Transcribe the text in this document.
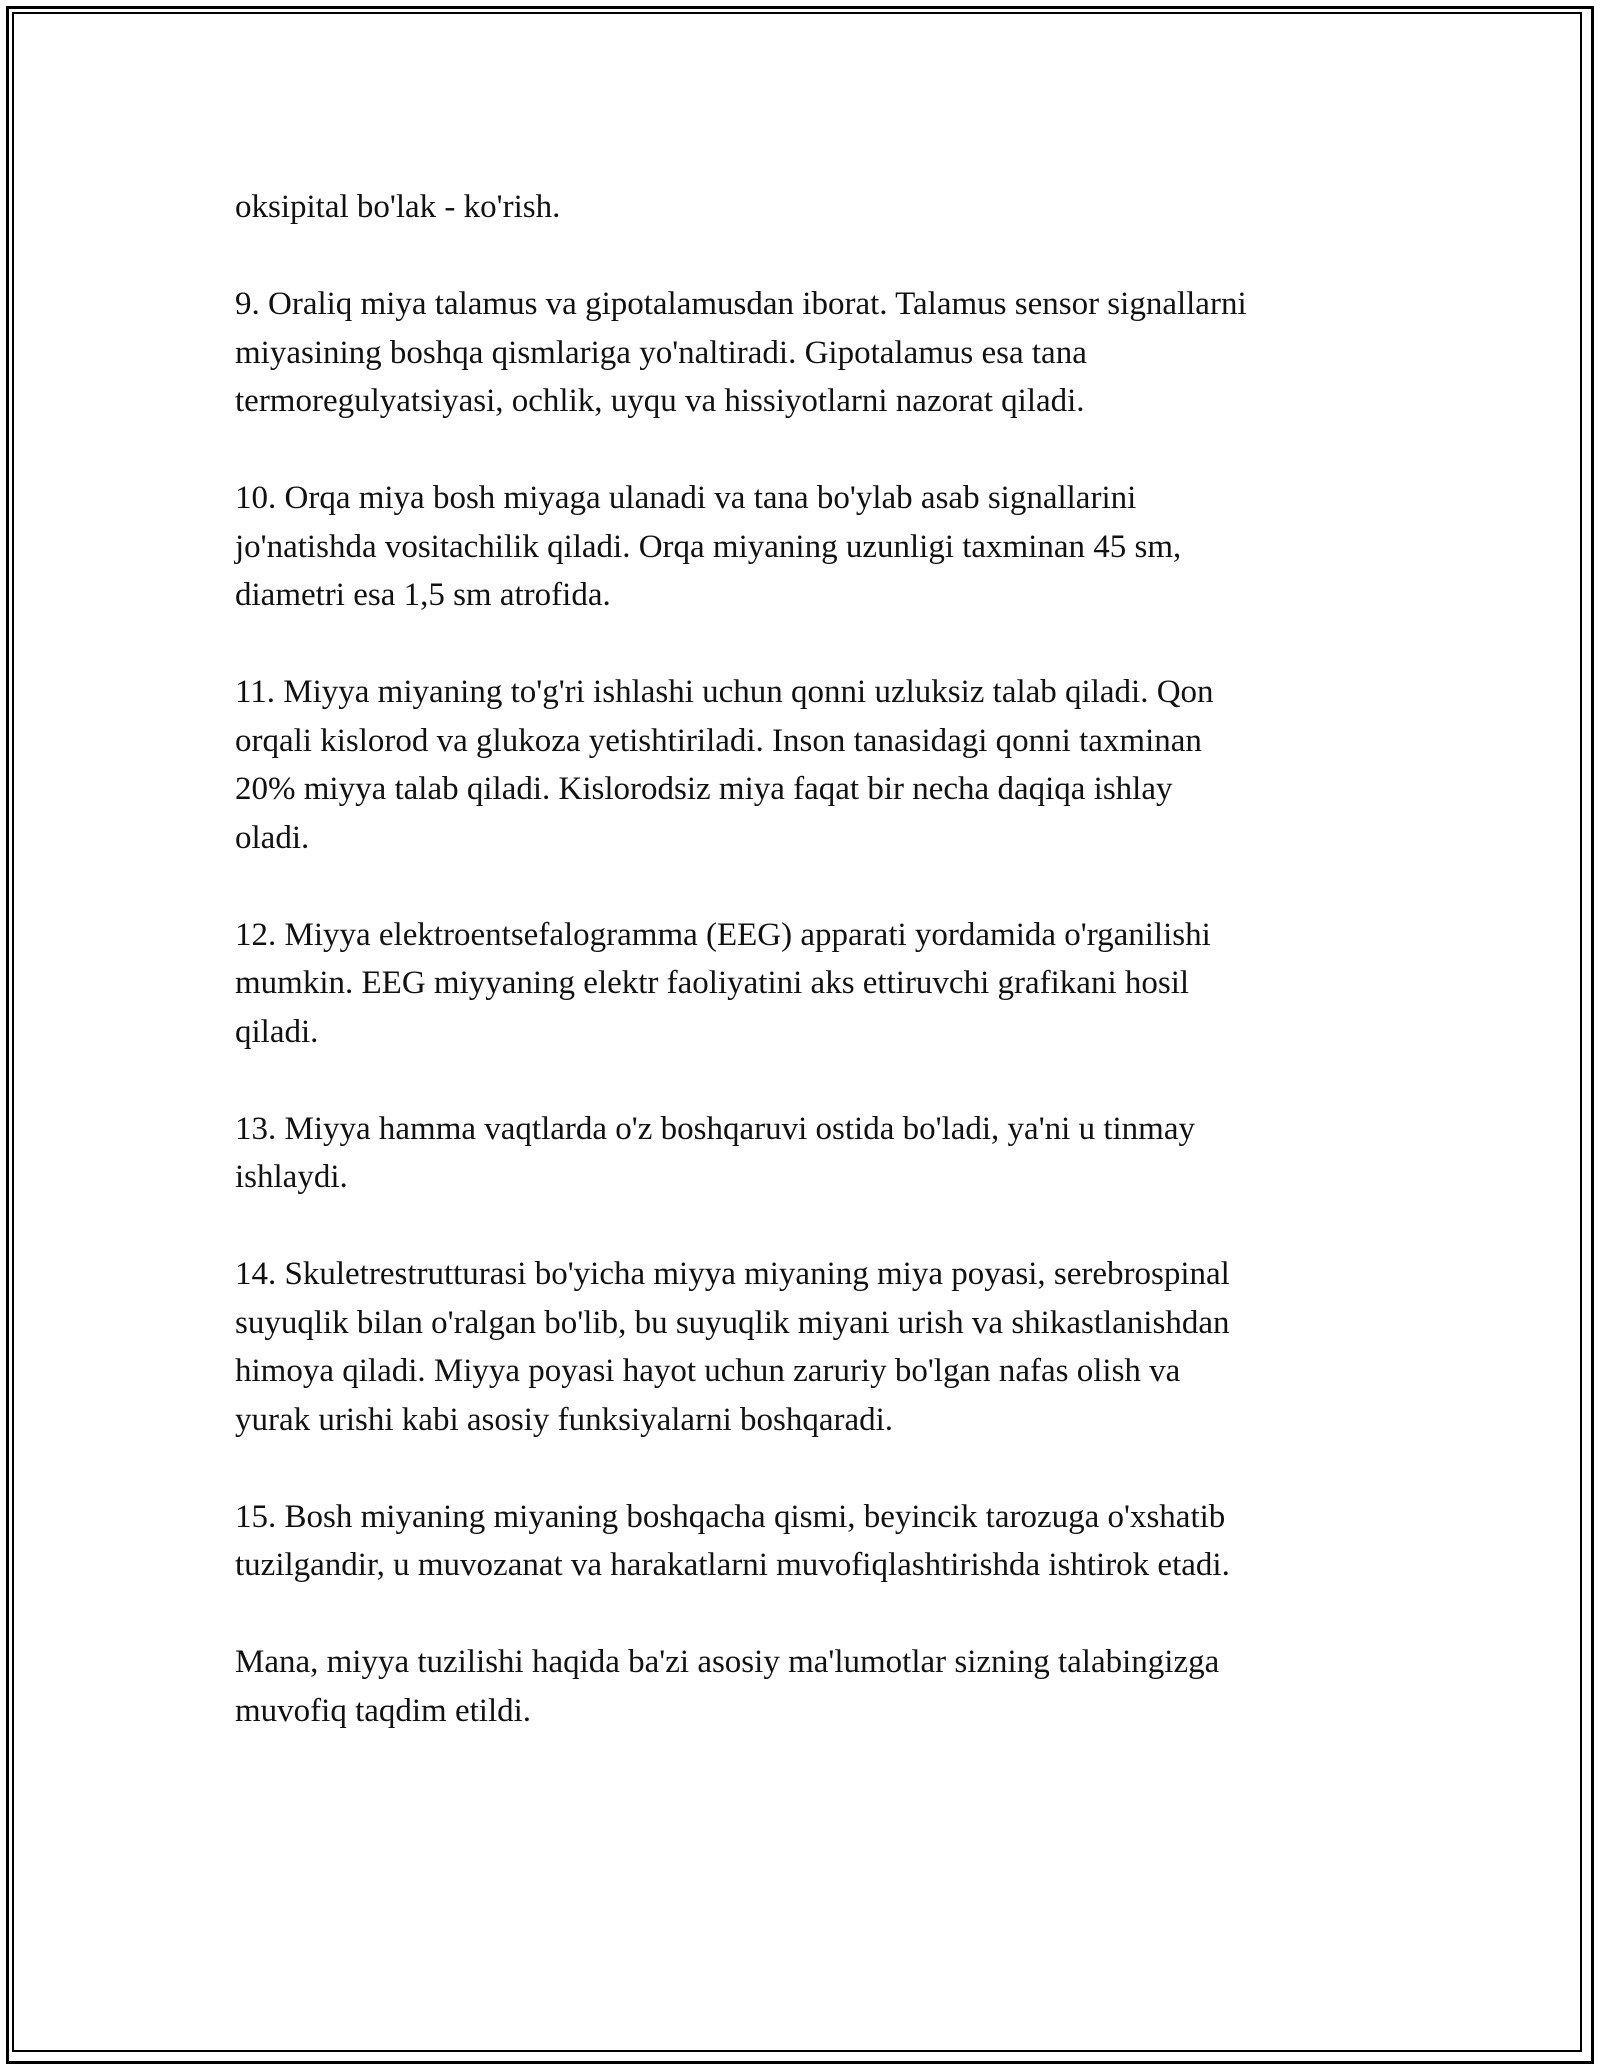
oksipital bo'lak - ko'rish.

9. Oraliq miya talamus va gipotalamusdan iborat. Talamus sensor signallarni
miyasining boshqa qismlariga yo'naltiradi. Gipotalamus esa tana
termoregulyatsiyasi, ochlik, uyqu va hissiyotlarni nazorat qiladi.

10. Orqa miya bosh miyaga ulanadi va tana bo'ylab asab signallarini
jo'natishda vositachilik qiladi. Orqa miyaning uzunligi taxminan 45 sm,
diametri esa 1,5 sm atrofida.

11. Miyya miyaning to'g'ri ishlashi uchun qonni uzluksiz talab qiladi. Qon
orqali kislorod va glukoza yetishtiriladi. Inson tanasidagi qonni taxminan
20% miyya talab qiladi. Kislorodsiz miya faqat bir necha daqiqa ishlay
oladi.

12. Miyya elektroentsefalogramma (EEG) apparati yordamida o'rganilishi
mumkin. EEG miyyaning elektr faoliyatini aks ettiruvchi grafikani hosil
qiladi.

13. Miyya hamma vaqtlarda o'z boshqaruvi ostida bo'ladi, ya'ni u tinmay
ishlaydi.

14. Skuletrestrutturasi bo'yicha miyya miyaning miya poyasi, serebrospinal
suyuqlik bilan o'ralgan bo'lib, bu suyuqlik miyani urish va shikastlanishdan
himoya qiladi. Miyya poyasi hayot uchun zaruriy bo'lgan nafas olish va
yurak urishi kabi asosiy funksiyalarni boshqaradi.

15. Bosh miyaning miyaning boshqacha qismi, beyincik tarozuga o'xshatib
tuzilgandir, u muvozanat va harakatlarni muvofiqlashtirishda ishtirok etadi.

Mana, miyya tuzilishi haqida ba'zi asosiy ma'lumotlar sizning talabingizga
muvofiq taqdim etildi.
